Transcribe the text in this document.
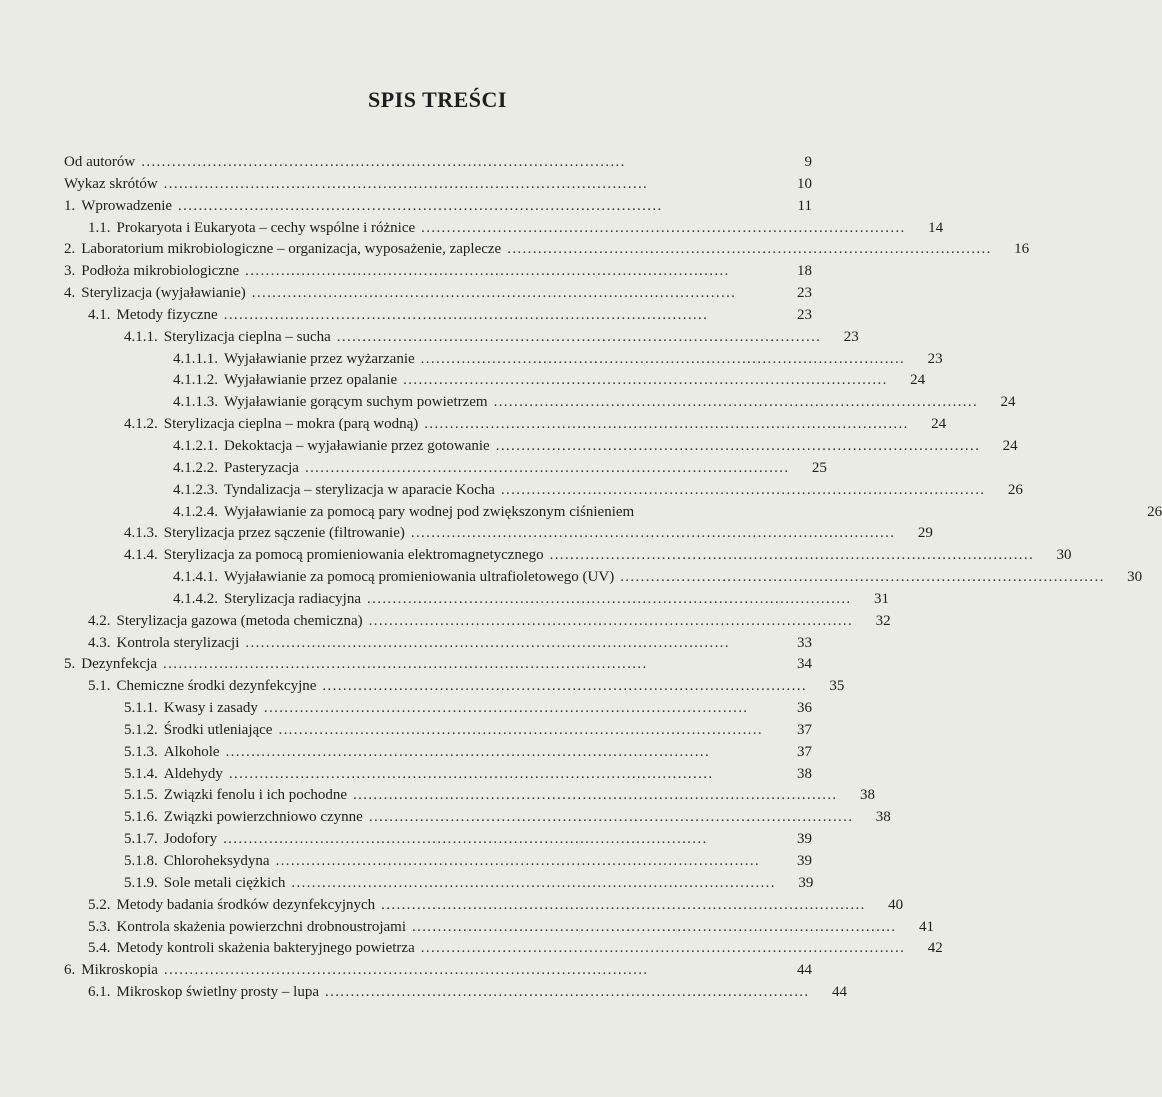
SPIS TREŚCI
Od autorów . . .	9
Wykaz skrótów . . .	10
1. Wprowadzenie . . .	11
1.1. Prokaryota i Eukaryota – cechy wspólne i różnice . . .	14
2. Laboratorium mikrobiologiczne – organizacja, wyposażenie, zaplecze . . .	16
3. Podłoża mikrobiologiczne . . .	18
4. Sterylizacja (wyjaławianie) . . .	23
4.1. Metody fizyczne . . .	23
4.1.1. Sterylizacja cieplna – sucha . . .	23
4.1.1.1. Wyjaławianie przez wyżarzanie . . .	23
4.1.1.2. Wyjaławianie przez opalanie . . .	24
4.1.1.3. Wyjaławianie gorącym suchym powietrzem . . .	24
4.1.2. Sterylizacja cieplna – mokra (parą wodną) . . .	24
4.1.2.1. Dekoktacja – wyjaławianie przez gotowanie . . .	24
4.1.2.2. Pasteryzacja . . .	25
4.1.2.3. Tyndalizacja – sterylizacja w aparacie Kocha . . .	26
4.1.2.4. Wyjaławianie za pomocą pary wodnej pod zwiększonym ciśnieniem	26
4.1.3. Sterylizacja przez sączenie (filtrowanie) . . .	29
4.1.4. Sterylizacja za pomocą promieniowania elektromagnetycznego . . .	30
4.1.4.1. Wyjaławianie za pomocą promieniowania ultrafioletowego (UV) . . .	30
4.1.4.2. Sterylizacja radiacyjna . . .	31
4.2. Sterylizacja gazowa (metoda chemiczna) . . .	32
4.3. Kontrola sterylizacji . . .	33
5. Dezynfekcja . . .	34
5.1. Chemiczne środki dezynfekcyjne . . .	35
5.1.1. Kwasy i zasady . . .	36
5.1.2. Środki utleniające . . .	37
5.1.3. Alkohole . . .	37
5.1.4. Aldehydy . . .	38
5.1.5. Związki fenolu i ich pochodne . . .	38
5.1.6. Związki powierzchniowo czynne . . .	38
5.1.7. Jodofory . . .	39
5.1.8. Chloroheksydyna . . .	39
5.1.9. Sole metali ciężkich . . .	39
5.2. Metody badania środków dezynfekcyjnych . . .	40
5.3. Kontrola skażenia powierzchni drobnoustrojami . . .	41
5.4. Metody kontroli skażenia bakteryjnego powietrza . . .	42
6. Mikroskopia . . .	44
6.1. Mikroskop świetlny prosty – lupa . . .	44
